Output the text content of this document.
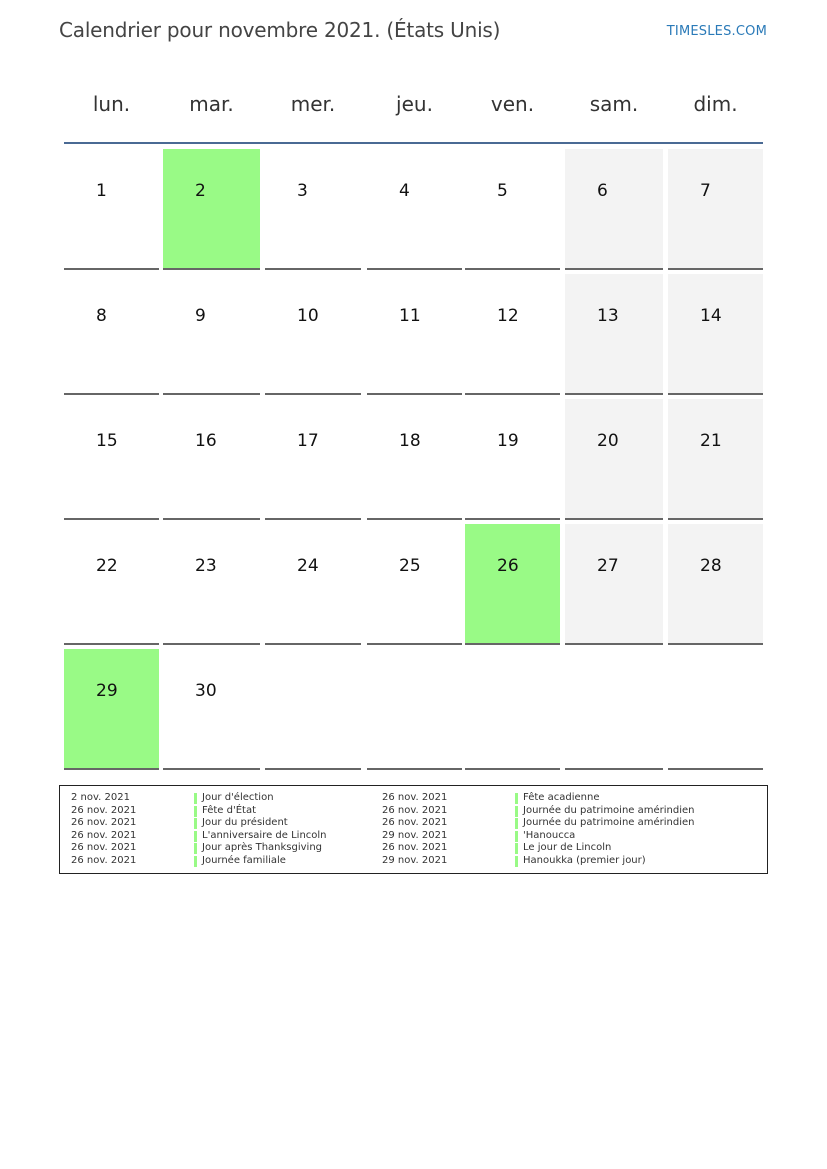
Calendrier pour novembre 2021. (États Unis)	TIMESLES.COM
lun.	mar.	mer.	jeu.	ven.	sam.	dim.
1	2	3	4	5	6	7
8	9	10	11	12	13	14
15	16	17	18	19	20	21
22	23	24	25	26	27	28
29	30
2 nov. 2021	Jour d'élection
26 nov. 2021	Fête d'État
26 nov. 2021	Jour du président
26 nov. 2021	L'anniversaire de Lincoln
26 nov. 2021	Jour après Thanksgiving
26 nov. 2021	Journée familiale
26 nov. 2021	Fête acadienne
26 nov. 2021	Journée du patrimoine amérindien
26 nov. 2021	Journée du patrimoine amérindien
29 nov. 2021	'Hanoucca
26 nov. 2021	Le jour de Lincoln
29 nov. 2021	Hanoukka (premier jour)
